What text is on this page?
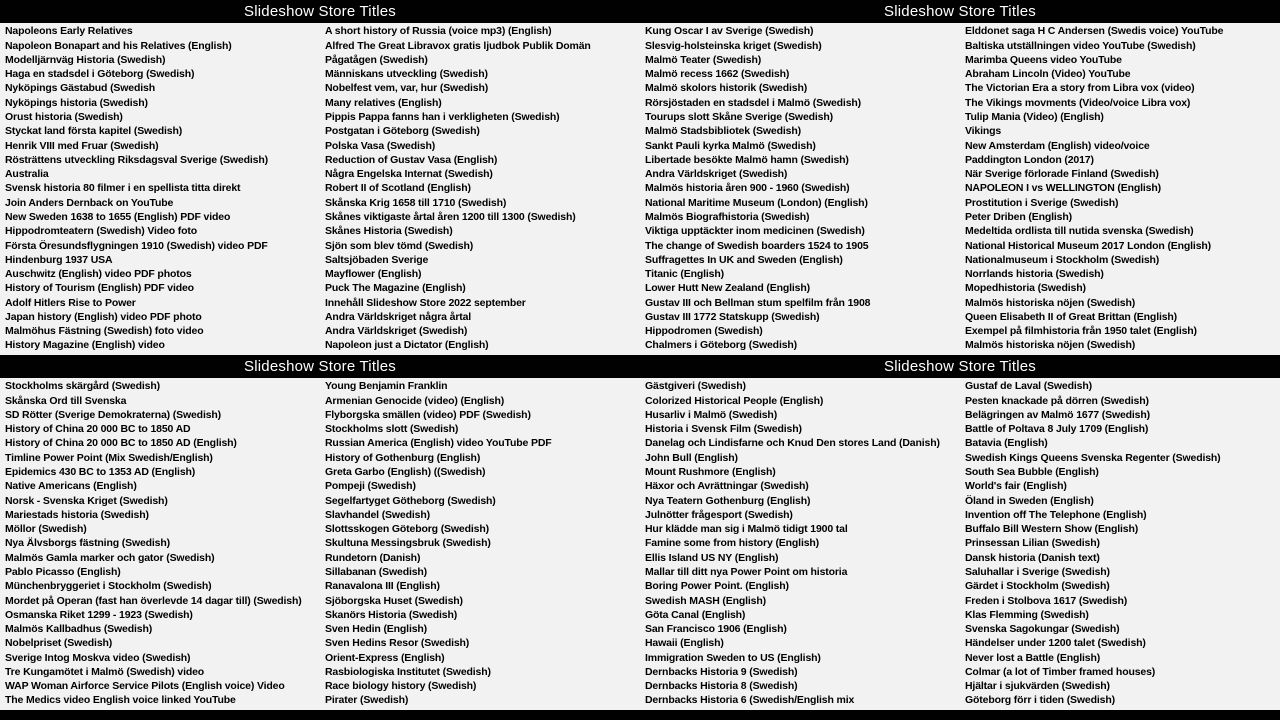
Slideshow Store Titles	Slideshow Store Titles
Napoleons Early Relatives
Napoleon Bonapart and his Relatives (English)
Modelljärnväg Historia (Swedish)
Haga en stadsdel i Göteborg (Swedish)
Nyköpings Gästabud (Swedish
Nyköpings historia (Swedish)
Orust historia (Swedish)
Styckat land första kapitel (Swedish)
Henrik VIII med Fruar (Swedish)
Rösträttens utveckling Riksdagsval Sverige (Swedish)
Australia
Svensk historia 80 filmer i en spellista titta direkt
Join Anders Dernback on YouTube
New Sweden 1638 to 1655 (English) PDF video
Hippodromteatern (Swedish) Video foto
Första Öresundsflygningen 1910 (Swedish) video PDF
Hindenburg 1937 USA
Auschwitz (English) video PDF photos
History of Tourism (English) PDF video
Adolf Hitlers Rise to Power
Japan history (English) video PDF photo
Malmöhus Fästning (Swedish) foto video
History Magazine (English) video
A short history of Russia (voice mp3) (English)
Alfred The Great Libravox gratis ljudbok Publik Domän
Pågatågen (Swedish)
Människans utveckling (Swedish)
Nobelfest vem, var, hur (Swedish)
Many relatives (English)
Pippis Pappa fanns han i verkligheten (Swedish)
Postgatan i Göteborg (Swedish)
Polska Vasa (Swedish)
Reduction of Gustav Vasa (English)
Några Engelska Internat (Swedish)
Robert II of Scotland (English)
Skånska Krig 1658 till 1710 (Swedish)
Skånes viktigaste årtal åren 1200 till 1300 (Swedish)
Skånes Historia (Swedish)
Sjön som blev tömd (Swedish)
Saltsjöbaden Sverige
Mayflower (English)
Puck The Magazine (English)
Innehåll Slideshow Store 2022 september
Andra Världskriget några årtal
Andra Världskriget (Swedish)
Napoleon just a Dictator (English)
Kung Oscar I av Sverige (Swedish)
Slesvig-holsteinska kriget (Swedish)
Malmö Teater (Swedish)
Malmö recess 1662 (Swedish)
Malmö skolors historik (Swedish)
Rörsjöstaden en stadsdel i Malmö (Swedish)
Tourups slott Skåne Sverige (Swedish)
Malmö Stadsbibliotek (Swedish)
Sankt Pauli kyrka Malmö (Swedish)
Libertade besökte Malmö hamn (Swedish)
Andra Världskriget (Swedish)
Malmös historia åren 900 - 1960 (Swedish)
National Maritime Museum (London) (English)
Malmös Biografhistoria (Swedish)
Viktiga upptäckter inom medicinen (Swedish)
The change of Swedish boarders 1524 to 1905
Suffragettes In UK and Sweden (English)
Titanic (English)
Lower Hutt New Zealand (English)
Gustav III och Bellman stum spelfilm från 1908
Gustav III 1772 Statskupp (Swedish)
Hippodromen (Swedish)
Chalmers i Göteborg (Swedish)
Elddonet saga H C Andersen (Swedis voice) YouTube
Baltiska utställningen video YouTube (Swedish)
Marimba Queens video YouTube
Abraham Lincoln (Video) YouTube
The Victorian Era a story from Libra vox (video)
The Vikings movments (Video/voice Libra vox)
Tulip Mania (Video) (English)
Vikings
New Amsterdam (English) video/voice
Paddington London (2017)
När Sverige förlorade Finland (Swedish)
NAPOLEON I vs WELLINGTON (English)
Prostitution i Sverige (Swedish)
Peter Driben (English)
Medeltida ordlista till nutida svenska (Swedish)
National Historical Museum 2017 London (English)
Nationalmuseum i Stockholm (Swedish)
Norrlands historia (Swedish)
Mopedhistoria (Swedish)
Malmös historiska nöjen (Swedish)
Queen Elisabeth II of Great Brittan (English)
Exempel på filmhistoria från 1950 talet (English)
Malmös historiska nöjen (Swedish)
Slideshow Store Titles	Slideshow Store Titles
Stockholms skärgård (Swedish)
Skånska Ord till Svenska
SD Rötter (Sverige Demokraterna) (Swedish)
History of China 20 000 BC to 1850 AD
History of China 20 000 BC to 1850 AD (English)
Timline Power Point (Mix Swedish/English)
Epidemics 430 BC to 1353 AD (English)
Native Americans (English)
Norsk - Svenska Kriget (Swedish)
Mariestads historia (Swedish)
Möllor (Swedish)
Nya Älvsborgs fästning (Swedish)
Malmös Gamla marker och gator (Swedish)
Pablo Picasso (English)
Münchenbryggeriet i Stockholm (Swedish)
Mordet på Operan (fast han överlevde 14 dagar till) (Swedish)
Osmanska Riket 1299 - 1923 (Swedish)
Malmös Kallbadhus (Swedish)
Nobelpriset (Swedish)
Sverige Intog Moskva video (Swedish)
Tre Kungamötet i Malmö (Swedish) video
WAP Woman Airforce Service Pilots (English voice) Video
The Medics video English voice linked YouTube
Young Benjamin Franklin
Armenian Genocide (video) (English)
Flyborgska smällen (video) PDF (Swedish)
Stockholms slott (Swedish)
Russian America (English) video YouTube PDF
History of Gothenburg (English)
Greta Garbo (English) ((Swedish)
Pompeji (Swedish)
Segelfartyget Götheborg (Swedish)
Slavhandel (Swedish)
Slottsskogen Göteborg (Swedish)
Skultuna Messingsbruk (Swedish)
Rundetorn (Danish)
Sillabanan (Swedish)
Ranavalona III (English)
Sjöborgska Huset (Swedish)
Skanörs Historia (Swedish)
Sven Hedin (English)
Sven Hedins Resor (Swedish)
Orient-Express (English)
Rasbiologiska Institutet (Swedish)
Race biology history (Swedish)
Pirater (Swedish)
Gästgiveri (Swedish)
Colorized Historical People (English)
Husarliv i Malmö (Swedish)
Historia i Svensk Film (Swedish)
Danelag och Lindisfarne och Knud Den stores Land (Danish)
John Bull (English)
Mount Rushmore (English)
Häxor och Avrättningar (Swedish)
Nya Teatern Gothenburg (English)
Julnötter frågesport (Swedish)
Hur klädde man sig i Malmö tidigt 1900 tal
Famine some from history (English)
Ellis Island US NY (English)
Mallar till ditt nya Power Point om historia
Boring Power Point. (English)
Swedish MASH (English)
Göta Canal (English)
San Francisco 1906 (English)
Hawaii (English)
Immigration Sweden to US (English)
Dernbacks Historia 9 (Swedish)
Dernbacks Historia 8 (Swedish)
Dernbacks Historia 6 (Swedish/English mix
Gustaf de Laval (Swedish)
Pesten knackade på dörren (Swedish)
Belägringen av Malmö 1677 (Swedish)
Battle of Poltava 8 July 1709 (English)
Batavia (English)
Swedish Kings Queens Svenska Regenter (Swedish)
South Sea Bubble (English)
World's fair (English)
Öland in Sweden (English)
Invention off The Telephone (English)
Buffalo Bill Western Show (English)
Prinsessan Lilian (Swedish)
Dansk historia (Danish text)
Saluhallar i Sverige (Swedish)
Gärdet i Stockholm (Swedish)
Freden i Stolbova 1617 (Swedish)
Klas Flemming (Swedish)
Svenska Sagokungar (Swedish)
Händelser under 1200 talet (Swedish)
Never lost a Battle (English)
Colmar (a lot of Timber framed houses)
Hjältar i sjukvärden (Swedish)
Göteborg förr i tiden (Swedish)
